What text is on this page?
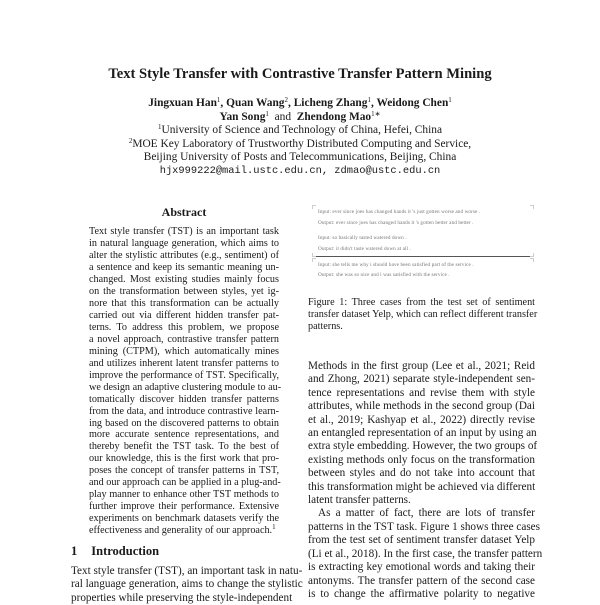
Text Style Transfer with Contrastive Transfer Pattern Mining
Jingxuan Han$^1$, Quan Wang$^2$, Licheng Zhang$^1$, Weidong Chen$^1$
Yan Song$^1$ and Zhendong Mao$^{1∗}$
$^1$University of Science and Technology of China, Hefei, China
$^2$MOE Key Laboratory of Trustworthy Distributed Computing and Service,
Beijing University of Posts and Telecommunications, Beijing, China
hjx999222@mail.ustc.edu.cn, zdmao@ustc.edu.cn
Abstract
Text style transfer (TST) is an important task
in natural language generation, which aims to
alter the stylistic attributes (e.g., sentiment) of
a sentence and keep its semantic meaning un-
changed. Most existing studies mainly focus
on the transformation between styles, yet ig-
nore that this transformation can be actually
carried out via different hidden transfer pat-
terns. To address this problem, we propose
a novel approach, contrastive transfer pattern
mining (CTPM), which automatically mines
and utilizes inherent latent transfer patterns to
improve the performance of TST. Specifically,
we design an adaptive clustering module to au-
tomatically discover hidden transfer patterns
from the data, and introduce contrastive learn-
ing based on the discovered patterns to obtain
more accurate sentence representations, and
thereby benefit the TST task. To the best of
our knowledge, this is the first work that pro-
poses the concept of transfer patterns in TST,
and our approach can be applied in a plug-and-
play manner to enhance other TST methods to
further improve their performance. Extensive
experiments on benchmark datasets verify the
effectiveness and generality of our approach.$^1$
1 Introduction
Text style transfer (TST), an important task in natu-
ral language generation, aims to change the stylistic
properties while preserving the style-independent
Input: ever since joes has changed hands it 's just gotten worse and worse .
Output: ever since joes has changed hands it 's gotten better and better .
Input: so basically tasted watered down .
Output: it didn't taste watered down at all .
Input: she tells me why i should have been satisfied part of the service .
Output: she was so nice and i was satisfied with the service .
Figure 1: Three cases from the test set of sentiment
transfer dataset Yelp, which can reflect different transfer
patterns.
Methods in the first group (Lee et al., 2021; Reid
and Zhong, 2021) separate style-independent sen-
tence representations and revise them with style
attributes, while methods in the second group (Dai
et al., 2019; Kashyap et al., 2022) directly revise
an entangled representation of an input by using an
extra style embedding. However, the two groups of
existing methods only focus on the transformation
between styles and do not take into account that
this transformation might be achieved via different
latent transfer patterns.
As a matter of fact, there are lots of transfer
patterns in the TST task. Figure 1 shows three cases
from the test set of sentiment transfer dataset Yelp
(Li et al., 2018). In the first case, the transfer pattern
is extracting key emotional words and taking their
antonyms. The transfer pattern of the second case
is to change the affirmative polarity to negative
